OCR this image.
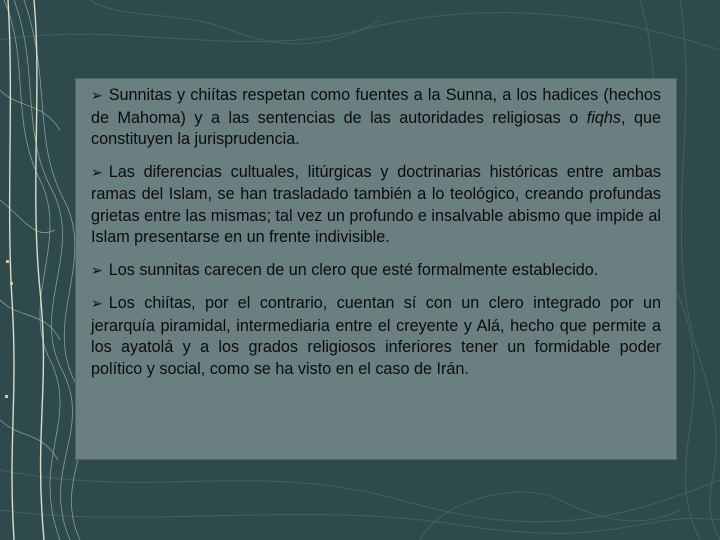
➢ Sunnitas y chiítas respetan como fuentes a la Sunna, a los hadices (hechos de Mahoma) y a las sentencias de las autoridades religiosas o fiqhs, que constituyen la jurisprudencia.

➢ Las diferencias cultuales, litúrgicas y doctrinarias históricas entre ambas ramas del Islam, se han trasladado también a lo teológico, creando profundas grietas entre las mismas; tal vez un profundo e insalvable abismo que impide al Islam presentarse en un frente indivisible.

➢ Los sunnitas carecen de un clero que esté formalmente establecido.

➢ Los chiítas, por el contrario, cuentan sí con un clero integrado por un jerarquía piramidal, intermediaria entre el creyente y Alá, hecho que permite a los ayatolá y a los grados religiosos inferiores tener un formidable poder político y social, como se ha visto en el caso de Irán.
